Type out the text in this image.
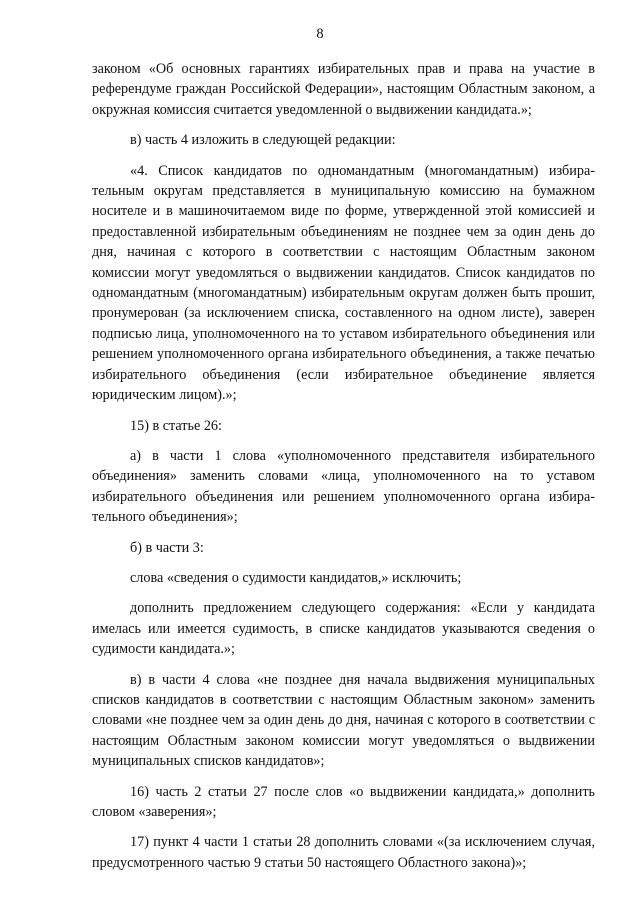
8

законом «Об основных гарантиях избирательных прав и права на участие в референдуме граждан Российской Федерации», настоящим Областным законом, а окружная комиссия считается уведомленной о выдвижении кандидата.»;

в) часть 4 изложить в следующей редакции:

«4. Список кандидатов по одномандатным (многомандатным) избирательным округам представляется в муниципальную комиссию на бумажном носителе и в машиночитаемом виде по форме, утвержденной этой комиссией и предоставленной избирательным объединениям не позднее чем за один день до дня, начиная с которого в соответствии с настоящим Областным законом комиссии могут уведомляться о выдвижении кандидатов. Список кандидатов по одномандатным (многомандатным) избирательным округам должен быть прошит, пронумерован (за исключением списка, составленного на одном листе), заверен подписью лица, уполномоченного на то уставом избирательного объединения или решением уполномоченного органа избирательного объединения, а также печатью избирательного объединения (если избирательное объединение является юридическим лицом).»;

15) в статье 26:

а) в части 1 слова «уполномоченного представителя избирательного объединения» заменить словами «лица, уполномоченного на то уставом избирательного объединения или решением уполномоченного органа избирательного объединения»;

б) в части 3:

слова «сведения о судимости кандидатов,» исключить;

дополнить предложением следующего содержания: «Если у кандидата имелась или имеется судимость, в списке кандидатов указываются сведения о судимости кандидата.»;

в) в части 4 слова «не позднее дня начала выдвижения муниципальных списков кандидатов в соответствии с настоящим Областным законом» заменить словами «не позднее чем за один день до дня, начиная с которого в соответствии с настоящим Областным законом комиссии могут уведомляться о выдвижении муниципальных списков кандидатов»;

16) часть 2 статьи 27 после слов «о выдвижении кандидата,» дополнить словом «заверения»;

17) пункт 4 части 1 статьи 28 дополнить словами «(за исключением случая, предусмотренного частью 9 статьи 50 настоящего Областного закона)»;
